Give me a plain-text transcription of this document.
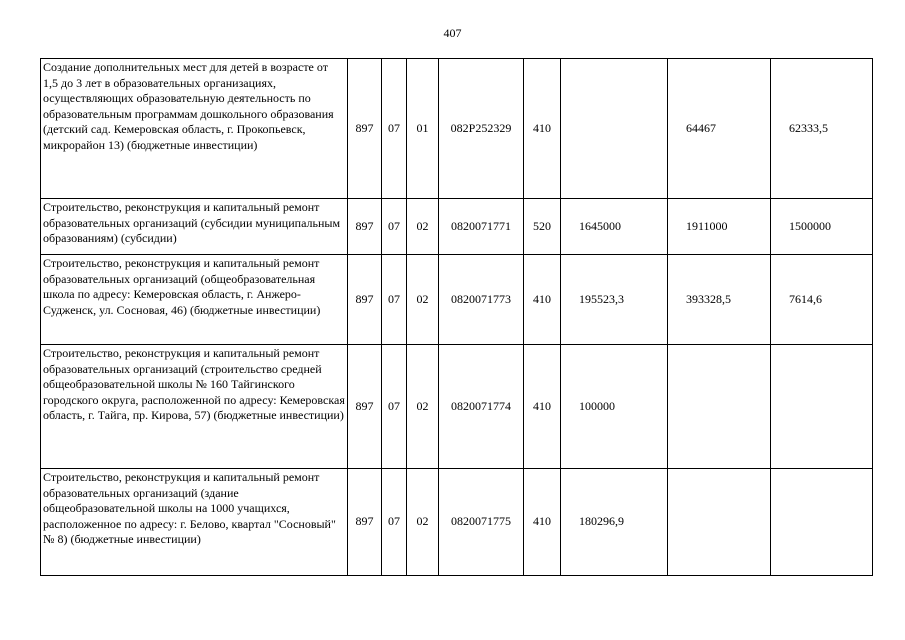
407
Создание дополнительных мест для детей в возрасте от 1,5 до 3 лет в образовательных организациях, осуществляющих образовательную деятельность по образовательным программам дошкольного образования (детский сад. Кемеровская область, г. Прокопьевск, микрорайон 13) (бюджетные инвестиции)	897	07	01	082P252329	410		64467	62333,5
Строительство, реконструкция и капитальный ремонт образовательных организаций (субсидии муниципальным образованиям) (субсидии)	897	07	02	0820071771	520	1645000	1911000	1500000
Строительство, реконструкция и капитальный ремонт образовательных организаций (общеобразовательная школа по адресу: Кемеровская область, г. Анжеро-Судженск, ул. Сосновая, 46) (бюджетные инвестиции)	897	07	02	0820071773	410	195523,3	393328,5	7614,6
Строительство, реконструкция и капитальный ремонт образовательных организаций (строительство средней общеобразовательной школы № 160 Тайгинского городского округа, расположенной по адресу: Кемеровская область, г. Тайга, пр. Кирова, 57) (бюджетные инвестиции)	897	07	02	0820071774	410	100000		
Строительство, реконструкция и капитальный ремонт образовательных организаций (здание общеобразовательной школы на 1000 учащихся, расположенное по адресу: г. Белово, квартал "Сосновый" № 8) (бюджетные инвестиции)	897	07	02	0820071775	410	180296,9		
